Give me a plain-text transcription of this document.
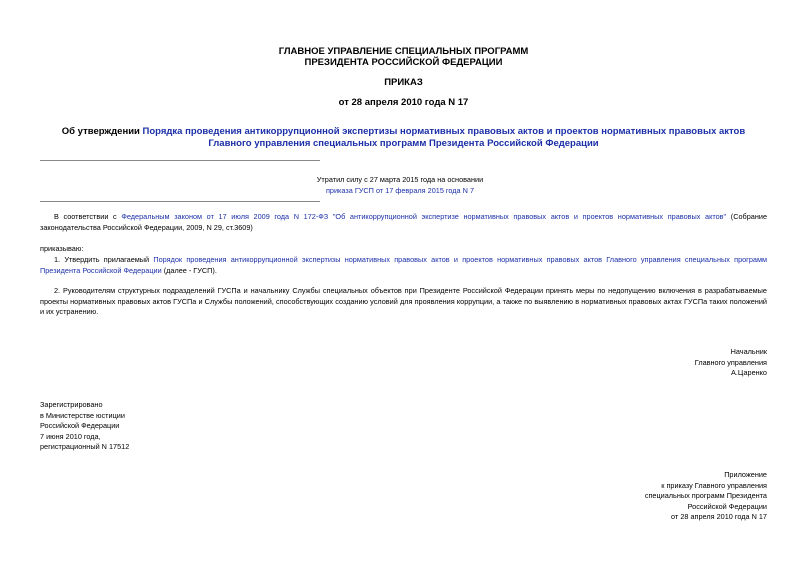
ГЛАВНОЕ УПРАВЛЕНИЕ СПЕЦИАЛЬНЫХ ПРОГРАММ
ПРЕЗИДЕНТА РОССИЙСКОЙ ФЕДЕРАЦИИ
ПРИКАЗ
от 28 апреля 2010 года N 17
Об утверждении Порядка проведения антикоррупционной экспертизы нормативных правовых актов и проектов нормативных правовых актов Главного управления специальных программ Президента Российской Федерации
Утратил силу с 27 марта 2015 года на основании
приказа ГУСП от 17 февраля 2015 года N 7
В соответствии с Федеральным законом от 17 июля 2009 года N 172-ФЗ "Об антикоррупционной экспертизе нормативных правовых актов и проектов нормативных правовых актов" (Собрание законодательства Российской Федерации, 2009, N 29, ст.3609)
приказываю:
1. Утвердить прилагаемый Порядок проведения антикоррупционной экспертизы нормативных правовых актов и проектов нормативных правовых актов Главного управления специальных программ Президента Российской Федерации (далее - ГУСП).
2. Руководителям структурных подразделений ГУСПа и начальнику Службы специальных объектов при Президенте Российской Федерации принять меры по недопущению включения в разрабатываемые проекты нормативных правовых актов ГУСПа и Службы положений, способствующих созданию условий для проявления коррупции, а также по выявлению в нормативных правовых актах ГУСПа таких положений и их устранению.
Начальник
Главного управления
А.Царенко
Зарегистрировано
в Министерстве юстиции
Российской Федерации
7 июня 2010 года,
регистрационный N 17512
Приложение
к приказу Главного управления
специальных программ Президента
Российской Федерации
от 28 апреля 2010 года N 17
